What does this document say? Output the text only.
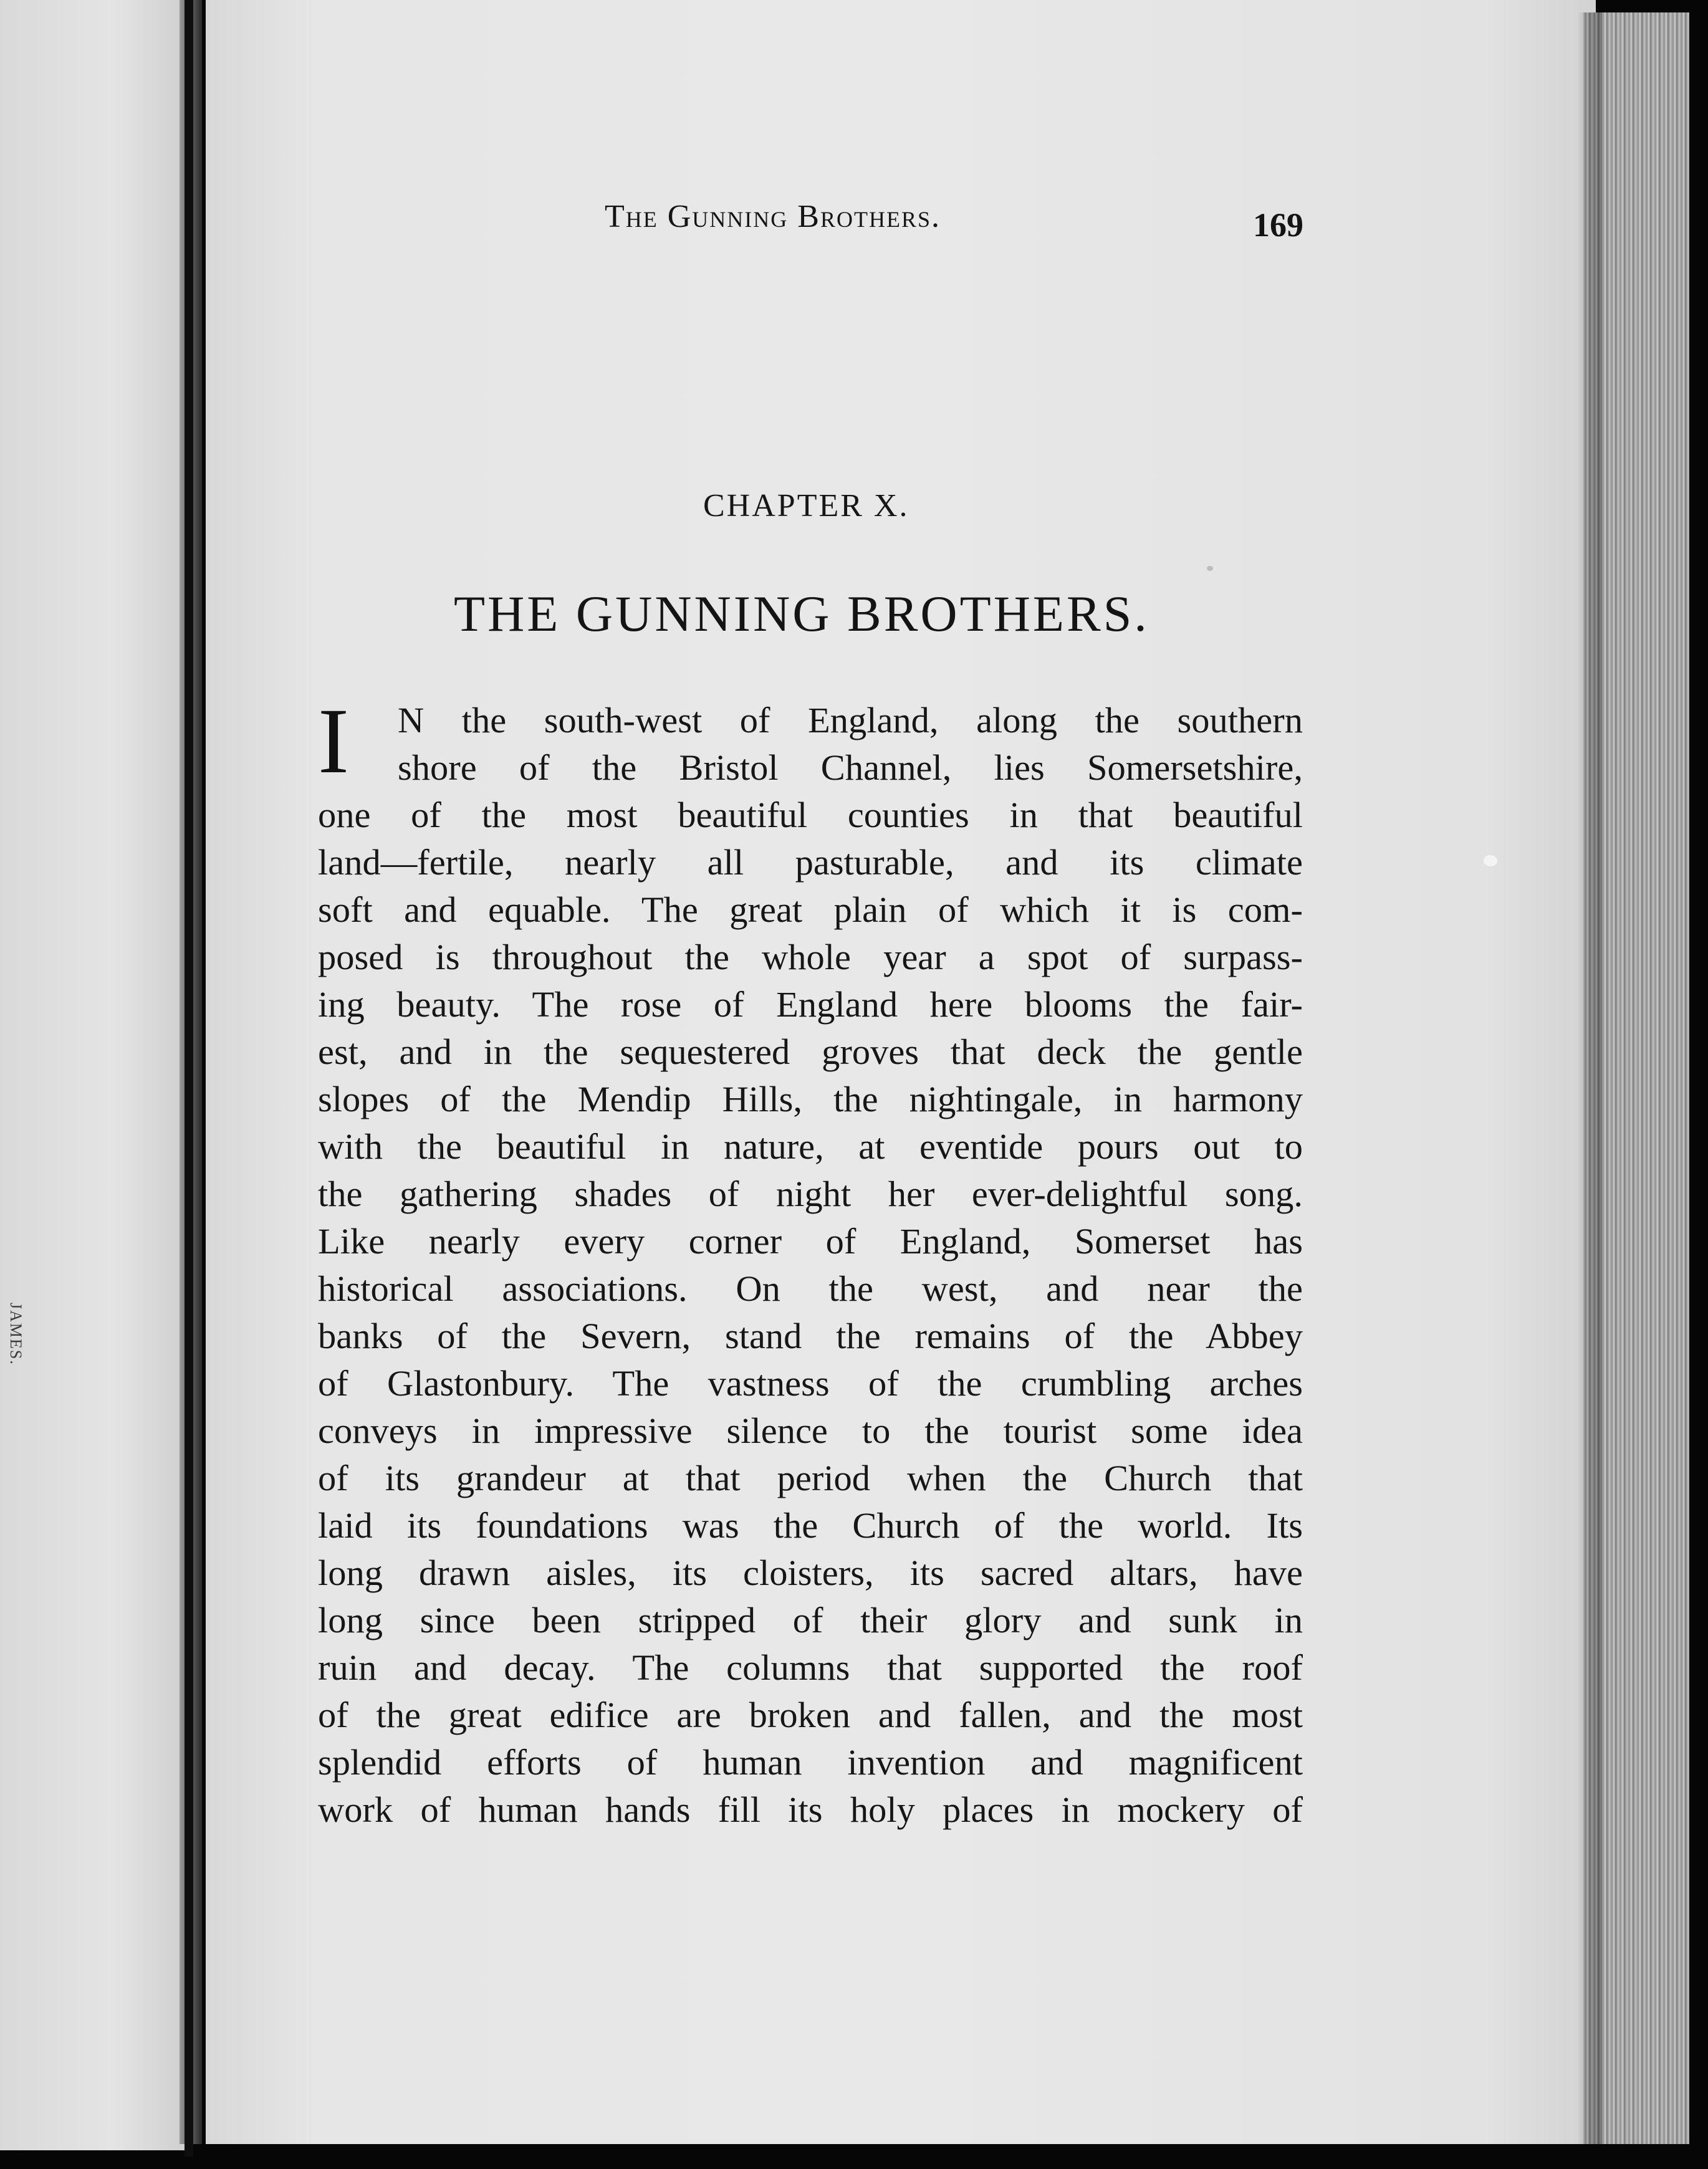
JAMES.
The Gunning Brothers.	169
CHAPTER X.
THE GUNNING BROTHERS.
I N the south-west of England, along the southern
shore of the Bristol Channel, lies Somersetshire,
one of the most beautiful counties in that beautiful
land—fertile, nearly all pasturable, and its climate
soft and equable. The great plain of which it is com-
posed is throughout the whole year a spot of surpass-
ing beauty. The rose of England here blooms the fair-
est, and in the sequestered groves that deck the gentle
slopes of the Mendip Hills, the nightingale, in harmony
with the beautiful in nature, at eventide pours out to
the gathering shades of night her ever-delightful song.
Like nearly every corner of England, Somerset has
historical associations. On the west, and near the
banks of the Severn, stand the remains of the Abbey
of Glastonbury. The vastness of the crumbling arches
conveys in impressive silence to the tourist some idea
of its grandeur at that period when the Church that
laid its foundations was the Church of the world. Its
long drawn aisles, its cloisters, its sacred altars, have
long since been stripped of their glory and sunk in
ruin and decay. The columns that supported the roof
of the great edifice are broken and fallen, and the most
splendid efforts of human invention and magnificent
work of human hands fill its holy places in mockery of
